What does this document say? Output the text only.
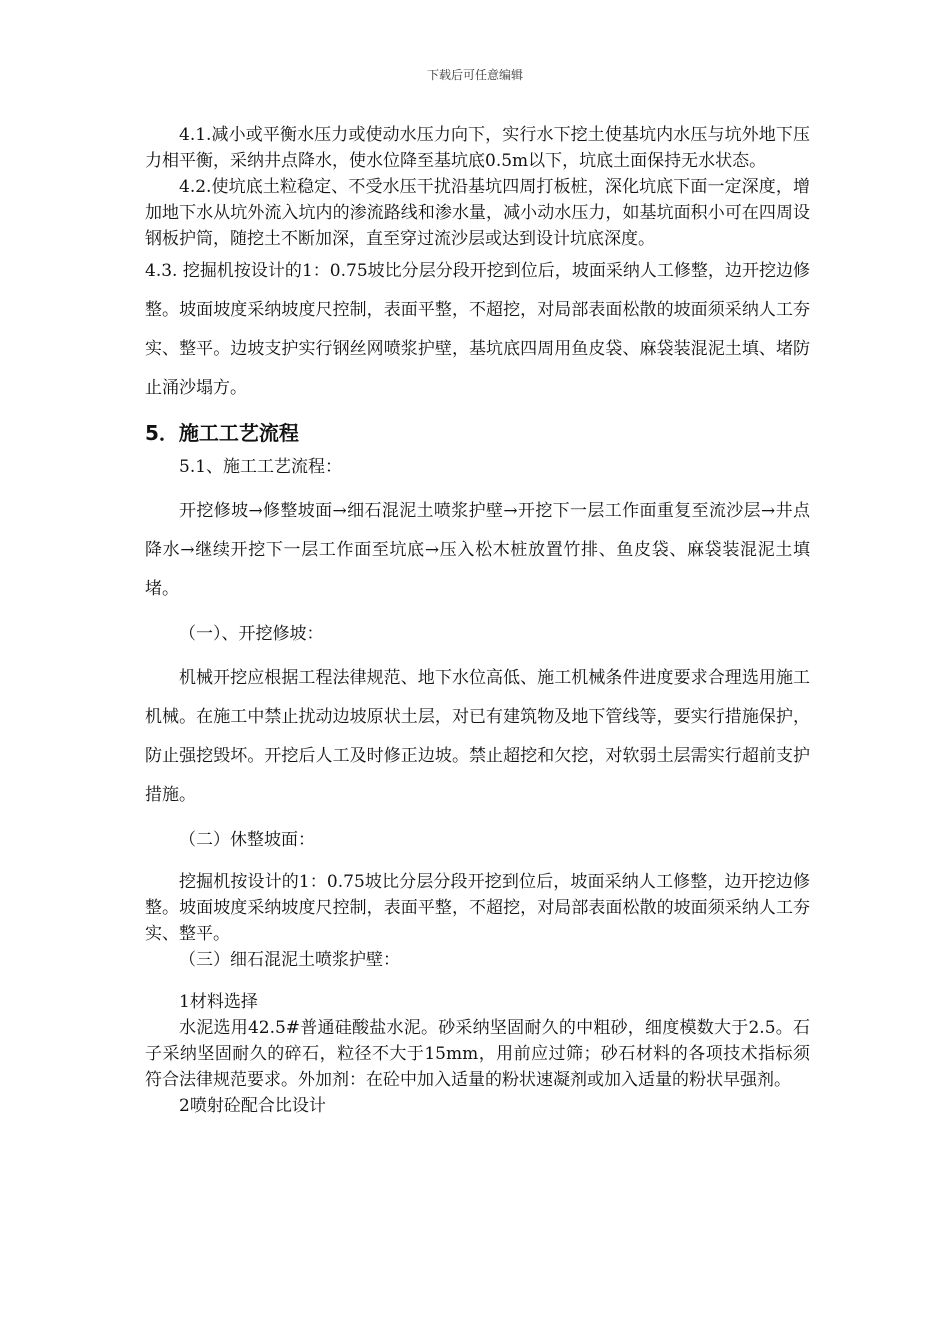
下载后可任意编辑

4.1.减小或平衡水压力或使动水压力向下，实行水下挖土使基坑内水压与坑外地下压力相平衡，采纳井点降水，使水位降至基坑底0.5m以下，坑底土面保持无水状态。

4.2.使坑底土粒稳定、不受水压干扰沿基坑四周打板桩，深化坑底下面一定深度，增加地下水从坑外流入坑内的渗流路线和渗水量，减小动水压力，如基坑面积小可在四周设钢板护筒，随挖土不断加深，直至穿过流沙层或达到设计坑底深度。

4.3. 挖掘机按设计的1：0.75坡比分层分段开挖到位后，坡面采纳人工修整，边开挖边修整。坡面坡度采纳坡度尺控制，表面平整，不超挖，对局部表面松散的坡面须采纳人工夯实、整平。边坡支护实行钢丝网喷浆护壁，基坑底四周用鱼皮袋、麻袋装混泥土填、堵防止涌沙塌方。

5．施工工艺流程

5.1、施工工艺流程：

开挖修坡→修整坡面→细石混泥土喷浆护壁→开挖下一层工作面重复至流沙层→井点降水→继续开挖下一层工作面至坑底→压入松木桩放置竹排、鱼皮袋、麻袋装混泥土填堵。

（一）、开挖修坡：

机械开挖应根据工程法律规范、地下水位高低、施工机械条件进度要求合理选用施工机械。在施工中禁止扰动边坡原状土层，对已有建筑物及地下管线等，要实行措施保护，防止强挖毁坏。开挖后人工及时修正边坡。禁止超挖和欠挖，对软弱土层需实行超前支护措施。

（二）休整坡面：

挖掘机按设计的1：0.75坡比分层分段开挖到位后，坡面采纳人工修整，边开挖边修整。坡面坡度采纳坡度尺控制，表面平整，不超挖，对局部表面松散的坡面须采纳人工夯实、整平。

（三）细石混泥土喷浆护壁：

1材料选择

水泥选用42.5#普通硅酸盐水泥。砂采纳坚固耐久的中粗砂，细度模数大于2.5。石子采纳坚固耐久的碎石，粒径不大于15mm，用前应过筛；砂石材料的各项技术指标须符合法律规范要求。外加剂：在砼中加入适量的粉状速凝剂或加入适量的粉状早强剂。

2喷射砼配合比设计
